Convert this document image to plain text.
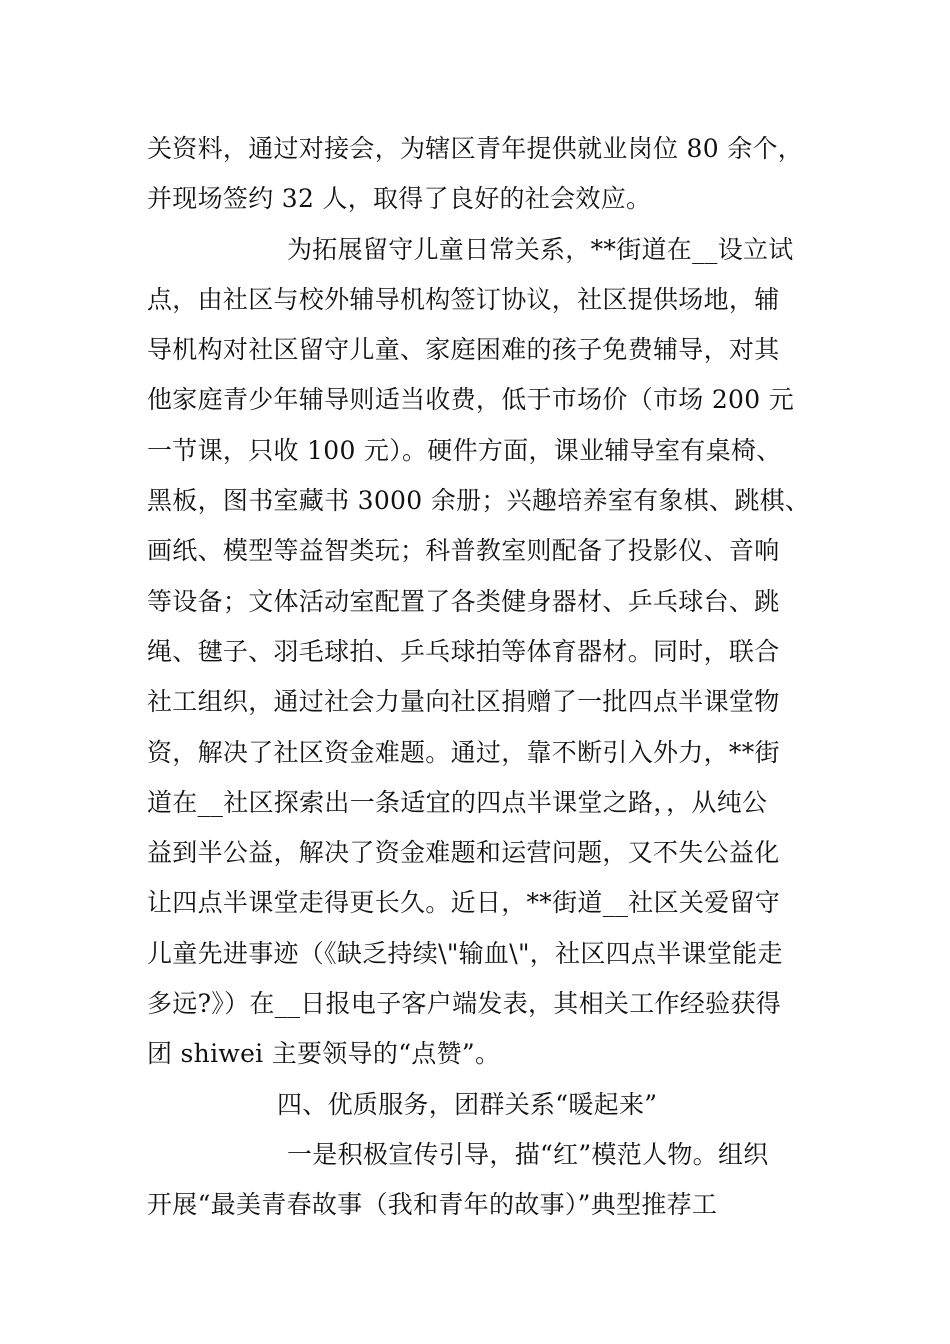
关资料，通过对接会，为辖区青年提供就业岗位 80 余个，
并现场签约 32 人，取得了良好的社会效应。
为拓展留守儿童日常关系，**街道在__设立试
点，由社区与校外辅导机构签订协议，社区提供场地，辅
导机构对社区留守儿童、家庭困难的孩子免费辅导，对其
他家庭青少年辅导则适当收费，低于市场价（市场 200 元
一节课，只收 100 元）。硬件方面，课业辅导室有桌椅、
黑板，图书室藏书 3000 余册；兴趣培养室有象棋、跳棋、
画纸、模型等益智类玩；科普教室则配备了投影仪、音响
等设备；文体活动室配置了各类健身器材、乒乓球台、跳
绳、毽子、羽毛球拍、乒乓球拍等体育器材。同时，联合
社工组织，通过社会力量向社区捐赠了一批四点半课堂物
资，解决了社区资金难题。通过，靠不断引入外力，**街
道在__社区探索出一条适宜的四点半课堂之路，，从纯公
益到半公益，解决了资金难题和运营问题，又不失公益化
让四点半课堂走得更长久。近日，**街道__社区关爱留守
儿童先进事迹（《缺乏持续\"输血\"，社区四点半课堂能走
多远?》）在__日报电子客户端发表，其相关工作经验获得
团 shiwei 主要领导的“点赞”。
四、优质服务，团群关系“暖起来”
一是积极宣传引导，描“红”模范人物。组织
开展“最美青春故事（我和青年的故事）”典型推荐工
